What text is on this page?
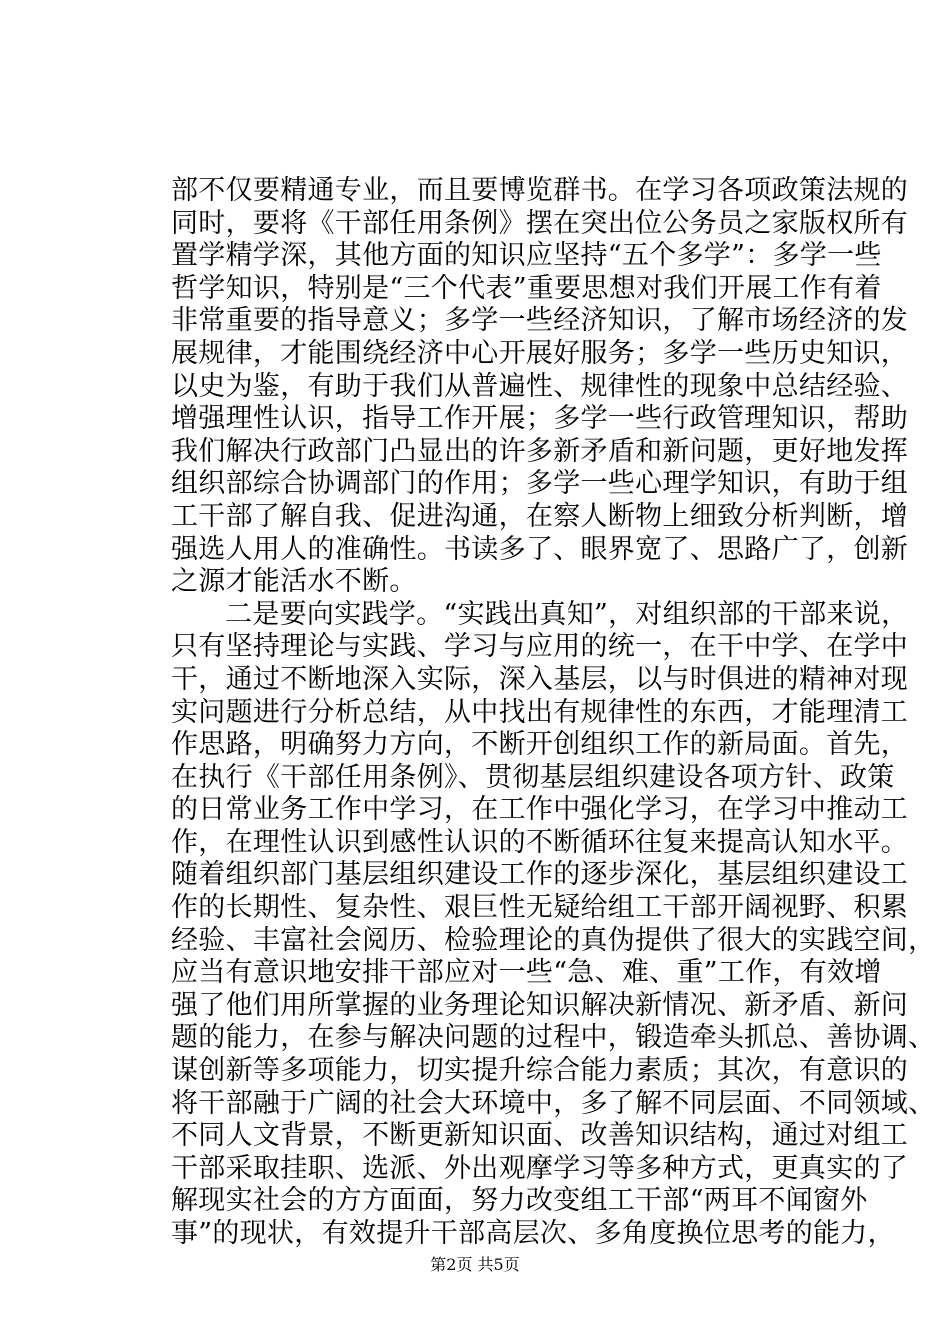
部不仅要精通专业，而且要博览群书。在学习各项政策法规的
同时，要将《干部任用条例》摆在突出位公务员之家版权所有
置学精学深，其他方面的知识应坚持“五个多学”：多学一些
哲学知识，特别是“三个代表”重要思想对我们开展工作有着
非常重要的指导意义；多学一些经济知识，了解市场经济的发
展规律，才能围绕经济中心开展好服务；多学一些历史知识，
以史为鉴，有助于我们从普遍性、规律性的现象中总结经验、
增强理性认识，指导工作开展；多学一些行政管理知识，帮助
我们解决行政部门凸显出的许多新矛盾和新问题，更好地发挥
组织部综合协调部门的作用；多学一些心理学知识，有助于组
工干部了解自我、促进沟通，在察人断物上细致分析判断，增
强选人用人的准确性。书读多了、眼界宽了、思路广了，创新
之源才能活水不断。
二是要向实践学。“实践出真知”，对组织部的干部来说，
只有坚持理论与实践、学习与应用的统一，在干中学、在学中
干，通过不断地深入实际，深入基层，以与时俱进的精神对现
实问题进行分析总结，从中找出有规律性的东西，才能理清工
作思路，明确努力方向，不断开创组织工作的新局面。首先，
在执行《干部任用条例》、贯彻基层组织建设各项方针、政策
的日常业务工作中学习，在工作中强化学习，在学习中推动工
作，在理性认识到感性认识的不断循环往复来提高认知水平。
随着组织部门基层组织建设工作的逐步深化，基层组织建设工
作的长期性、复杂性、艰巨性无疑给组工干部开阔视野、积累
经验、丰富社会阅历、检验理论的真伪提供了很大的实践空间，
应当有意识地安排干部应对一些“急、难、重”工作，有效增
强了他们用所掌握的业务理论知识解决新情况、新矛盾、新问
题的能力，在参与解决问题的过程中，锻造牵头抓总、善协调、
谋创新等多项能力，切实提升综合能力素质；其次，有意识的
将干部融于广阔的社会大环境中，多了解不同层面、不同领域、
不同人文背景，不断更新知识面、改善知识结构，通过对组工
干部采取挂职、选派、外出观摩学习等多种方式，更真实的了
解现实社会的方方面面，努力改变组工干部“两耳不闻窗外
事”的现状，有效提升干部高层次、多角度换位思考的能力，
第2页 共5页
